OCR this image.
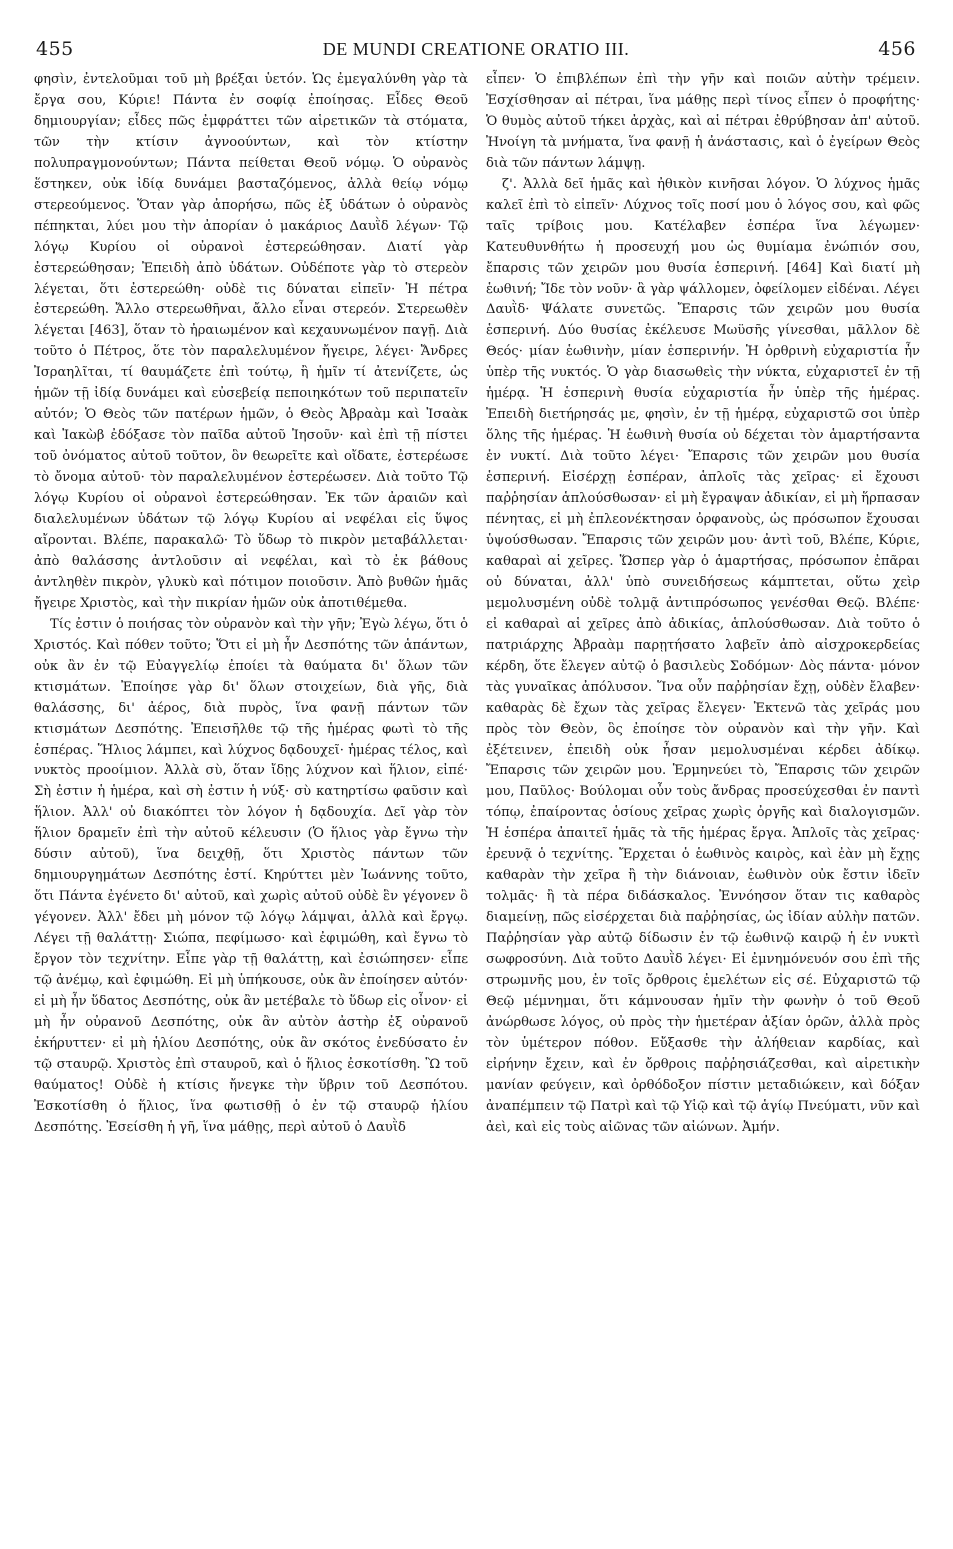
455	DE MUNDI CREATIONE ORATIO III.	456

φησὶν, ἐντελοῦμαι τοῦ μὴ βρέξαι ὑετόν. Ὡς ἐμεγαλύνθη γὰρ τὰ ἔργα σου, Κύριε! Πάντα ἐν σοφίᾳ ἐποίησας. Εἶδες Θεοῦ δημιουργίαν; εἶδες πῶς ἐμφράττει τῶν αἱρετικῶν τὰ στόματα, τῶν τὴν κτίσιν ἀγνοούντων, καὶ τὸν κτίστην πολυπραγμονούντων; Πάντα πείθεται Θεοῦ νόμῳ. Ὁ οὐρανὸς ἕστηκεν, οὐκ ἰδίᾳ δυνάμει βασταζόμενος, ἀλλὰ θείῳ νόμῳ στερεούμενος. Ὅταν γὰρ ἀπορήσω, πῶς ἐξ ὑδάτων ὁ οὐρανὸς πέπηκται, λύει μου τὴν ἀπορίαν ὁ μακάριος Δαυῒδ λέγων· Τῷ λόγῳ Κυρίου οἱ οὐρανοὶ ἐστερεώθησαν. Διατί γὰρ ἐστερεώθησαν; Ἐπειδὴ ἀπὸ ὑδάτων. Οὐδέποτε γὰρ τὸ στερεὸν λέγεται, ὅτι ἐστερεώθη· οὐδὲ τις δύναται εἰπεῖν· Ἡ πέτρα ἐστερεώθη. Ἄλλο στερεωθῆναι, ἄλλο εἶναι στερεόν. Στερεωθὲν λέγεται [463], ὅταν τὸ ἠραιωμένον καὶ κεχαυνωμένον παγῇ. Διὰ τοῦτο ὁ Πέτρος, ὅτε τὸν παραλελυμένον ἤγειρε, λέγει· Ἄνδρες Ἰσραηλῖται, τί θαυμάζετε ἐπὶ τούτῳ, ἢ ἡμῖν τί ἀτενίζετε, ὡς ἡμῶν τῇ ἰδίᾳ δυνάμει καὶ εὐσεβείᾳ πεποιηκότων τοῦ περιπατεῖν αὐτόν; Ὁ Θεὸς τῶν πατέρων ἡμῶν, ὁ Θεὸς Ἀβραὰμ καὶ Ἰσαὰκ καὶ Ἰακὼβ ἐδόξασε τὸν παῖδα αὐτοῦ Ἰησοῦν· καὶ ἐπὶ τῇ πίστει τοῦ ὀνόματος αὐτοῦ τοῦτον, ὃν θεωρεῖτε καὶ οἴδατε, ἐστερέωσε τὸ ὄνομα αὐτοῦ· τὸν παραλελυμένον ἐστερέωσεν. Διὰ τοῦτο Τῷ λόγῳ Κυρίου οἱ οὐρανοὶ ἐστερεώθησαν. Ἐκ τῶν ἀραιῶν καὶ διαλελυμένων ὑδάτων τῷ λόγῳ Κυρίου αἱ νεφέλαι εἰς ὕψος αἴρονται. Βλέπε, παρακαλῶ· Τὸ ὕδωρ τὸ πικρὸν μεταβάλλεται· ἀπὸ θαλάσσης ἀντλοῦσιν αἱ νεφέλαι, καὶ τὸ ἐκ βάθους ἀντληθὲν πικρὸν, γλυκὺ καὶ πότιμον ποιοῦσιν. Ἀπὸ βυθῶν ἡμᾶς ἤγειρε Χριστὸς, καὶ τὴν πικρίαν ἡμῶν οὐκ ἀποτιθέμεθα.

Τίς ἐστιν ὁ ποιήσας τὸν οὐρανὸν καὶ τὴν γῆν; Ἐγὼ λέγω, ὅτι ὁ Χριστός. Καὶ πόθεν τοῦτο; Ὅτι εἰ μὴ ἦν Δεσπότης τῶν ἁπάντων, οὐκ ἂν ἐν τῷ Εὐαγγελίῳ ἐποίει τὰ θαύματα δι' ὅλων τῶν κτισμάτων. Ἐποίησε γὰρ δι' ὅλων στοιχείων, διὰ γῆς, διὰ θαλάσσης, δι' ἀέρος, διὰ πυρὸς, ἵνα φανῇ πάντων τῶν κτισμάτων Δεσπότης. Ἐπεισῆλθε τῷ τῆς ἡμέρας φωτὶ τὸ τῆς ἑσπέρας. Ἥλιος λάμπει, καὶ λύχνος δᾳδουχεῖ· ἡμέρας τέλος, καὶ νυκτὸς προοίμιον. Ἀλλὰ σὺ, ὅταν ἴδῃς λύχνον καὶ ἥλιον, εἰπέ· Σὴ ἐστιν ἡ ἡμέρα, καὶ σὴ ἐστιν ἡ νύξ· σὺ κατηρτίσω φαῦσιν καὶ ἥλιον. Ἀλλ' οὐ διακόπτει τὸν λόγον ἡ δᾳδουχία. Δεῖ γὰρ τὸν ἥλιον δραμεῖν ἐπὶ τὴν αὐτοῦ κέλευσιν (Ὁ ἥλιος γὰρ ἔγνω τὴν δύσιν αὐτοῦ), ἵνα δειχθῇ, ὅτι Χριστὸς πάντων τῶν δημιουργημάτων Δεσπότης ἐστί. Κηρύττει μὲν Ἰωάννης τοῦτο, ὅτι Πάντα ἐγένετο δι' αὐτοῦ, καὶ χωρὶς αὐτοῦ οὐδὲ ἓν γέγονεν ὃ γέγονεν. Ἀλλ' ἔδει μὴ μόνον τῷ λόγῳ λάμψαι, ἀλλὰ καὶ ἔργῳ. Λέγει τῇ θαλάττῃ· Σιώπα, πεφίμωσο· καὶ ἐφιμώθη, καὶ ἔγνω τὸ ἔργον τὸν τεχνίτην. Εἶπε γὰρ τῇ θαλάττῃ, καὶ ἐσιώπησεν· εἶπε τῷ ἀνέμῳ, καὶ ἐφιμώθη. Εἰ μὴ ὑπήκουσε, οὐκ ἂν ἐποίησεν αὐτόν· εἰ μὴ ἦν ὕδατος Δεσπότης, οὐκ ἂν μετέβαλε τὸ ὕδωρ εἰς οἶνον· εἰ μὴ ἦν οὐρανοῦ Δεσπότης, οὐκ ἂν αὐτὸν ἀστὴρ ἐξ οὐρανοῦ ἐκήρυττεν· εἰ μὴ ἡλίου Δεσπότης, οὐκ ἂν σκότος ἐνεδύσατο ἐν τῷ σταυρῷ. Χριστὸς ἐπὶ σταυροῦ, καὶ ὁ ἥλιος ἐσκοτίσθη. Ὢ τοῦ θαύματος! Οὐδὲ ἡ κτίσις ἤνεγκε τὴν ὕβριν τοῦ Δεσπότου. Ἐσκοτίσθη ὁ ἥλιος, ἵνα φωτισθῇ ὁ ἐν τῷ σταυρῷ ἡλίου Δεσπότης. Ἐσείσθη ἡ γῆ, ἵνα μάθῃς, περὶ αὐτοῦ ὁ Δαυῒδ

εἶπεν· Ὁ ἐπιβλέπων ἐπὶ τὴν γῆν καὶ ποιῶν αὐτὴν τρέμειν. Ἐσχίσθησαν αἱ πέτραι, ἵνα μάθῃς περὶ τίνος εἶπεν ὁ προφήτης· Ὁ θυμὸς αὐτοῦ τήκει ἀρχὰς, καὶ αἱ πέτραι ἐθρύβησαν ἀπ' αὐτοῦ. Ἠνοίγη τὰ μνήματα, ἵνα φανῇ ἡ ἀνάστασις, καὶ ὁ ἐγείρων Θεὸς διὰ τῶν πάντων λάμψῃ.

ζ'. Ἀλλὰ δεῖ ἡμᾶς καὶ ἠθικὸν κινῆσαι λόγον. Ὁ λύχνος ἡμᾶς καλεῖ ἐπὶ τὸ εἰπεῖν· Λύχνος τοῖς ποσί μου ὁ λόγος σου, καὶ φῶς ταῖς τρίβοις μου. Κατέλαβεν ἑσπέρα ἵνα λέγωμεν· Κατευθυνθήτω ἡ προσευχή μου ὡς θυμίαμα ἐνώπιόν σου, ἔπαρσις τῶν χειρῶν μου θυσία ἑσπερινή. [464] Καὶ διατί μὴ ἑωθινή; Ἴδε τὸν νοῦν· ἃ γὰρ ψάλλομεν, ὀφείλομεν εἰδέναι. Λέγει Δαυῒδ· Ψάλατε συνετῶς. Ἔπαρσις τῶν χειρῶν μου θυσία ἑσπερινή. Δύο θυσίας ἐκέλευσε Μωϋσῆς γίνεσθαι, μᾶλλον δὲ Θεός· μίαν ἑωθινὴν, μίαν ἑσπερινήν. Ἡ ὀρθρινὴ εὐχαριστία ἦν ὑπὲρ τῆς νυκτός. Ὁ γὰρ διασωθεὶς τὴν νύκτα, εὐχαριστεῖ ἐν τῇ ἡμέρᾳ. Ἡ ἑσπερινὴ θυσία εὐχαριστία ἦν ὑπὲρ τῆς ἡμέρας. Ἐπειδὴ διετήρησάς με, φησὶν, ἐν τῇ ἡμέρᾳ, εὐχαριστῶ σοι ὑπὲρ ὅλης τῆς ἡμέρας. Ἡ ἑωθινὴ θυσία οὐ δέχεται τὸν ἁμαρτήσαντα ἐν νυκτί. Διὰ τοῦτο λέγει· Ἔπαρσις τῶν χειρῶν μου θυσία ἑσπερινή. Εἰσέρχῃ ἑσπέραν, ἁπλοῖς τὰς χεῖρας· εἰ ἔχουσι παῤῥησίαν ἁπλούσθωσαν· εἰ μὴ ἔγραψαν ἀδικίαν, εἰ μὴ ἥρπασαν πένητας, εἰ μὴ ἐπλεονέκτησαν ὀρφανοὺς, ὡς πρόσωπον ἔχουσαι ὑψούσθωσαν. Ἔπαρσις τῶν χειρῶν μου· ἀντὶ τοῦ, Βλέπε, Κύριε, καθαραὶ αἱ χεῖρες. Ὥσπερ γὰρ ὁ ἁμαρτήσας, πρόσωπον ἐπᾶραι οὐ δύναται, ἀλλ' ὑπὸ συνειδήσεως κάμπτεται, οὕτω χεὶρ μεμολυσμένη οὐδὲ τολμᾷ ἀντιπρόσωπος γενέσθαι Θεῷ. Βλέπε· εἰ καθαραὶ αἱ χεῖρες ἀπὸ ἀδικίας, ἁπλούσθωσαν. Διὰ τοῦτο ὁ πατριάρχης Ἀβραὰμ παρῃτήσατο λαβεῖν ἀπὸ αἰσχροκερδείας κέρδη, ὅτε ἔλεγεν αὐτῷ ὁ βασιλεὺς Σοδόμων· Δὸς πάντα· μόνον τὰς γυναῖκας ἀπόλυσον. Ἵνα οὖν παῤῥησίαν ἔχῃ, οὐδὲν ἔλαβεν· καθαρὰς δὲ ἔχων τὰς χεῖρας ἔλεγεν· Ἐκτενῶ τὰς χεῖράς μου πρὸς τὸν Θεὸν, ὃς ἐποίησε τὸν οὐρανὸν καὶ τὴν γῆν. Καὶ ἐξέτεινεν, ἐπειδὴ οὐκ ἦσαν μεμολυσμέναι κέρδει ἀδίκῳ. Ἔπαρσις τῶν χειρῶν μου. Ἑρμηνεύει τὸ, Ἔπαρσις τῶν χειρῶν μου, Παῦλος· Βούλομαι οὖν τοὺς ἄνδρας προσεύχεσθαι ἐν παντὶ τόπῳ, ἐπαίροντας ὁσίους χεῖρας χωρὶς ὀργῆς καὶ διαλογισμῶν. Ἡ ἑσπέρα ἀπαιτεῖ ἡμᾶς τὰ τῆς ἡμέρας ἔργα. Ἁπλοῖς τὰς χεῖρας· ἐρευνᾷ ὁ τεχνίτης. Ἔρχεται ὁ ἑωθινὸς καιρὸς, καὶ ἐὰν μὴ ἔχῃς καθαρὰν τὴν χεῖρα ἢ τὴν διάνοιαν, ἑωθινὸν οὐκ ἔστιν ἰδεῖν τολμᾶς· ἢ τὰ πέρα διδάσκαλος. Ἐννόησον ὅταν τις καθαρὸς διαμείνῃ, πῶς εἰσέρχεται διὰ παῤῥησίας, ὡς ἰδίαν αὐλὴν πατῶν. Παῤῥησίαν γὰρ αὐτῷ δίδωσιν ἐν τῷ ἑωθινῷ καιρῷ ἡ ἐν νυκτὶ σωφροσύνη. Διὰ τοῦτο Δαυῒδ λέγει· Εἰ ἐμνημόνευόν σου ἐπὶ τῆς στρωμνῆς μου, ἐν τοῖς ὄρθροις ἐμελέτων εἰς σέ. Εὐχαριστῶ τῷ Θεῷ μέμνημαι, ὅτι κάμνουσαν ἡμῖν τὴν φωνὴν ὁ τοῦ Θεοῦ ἀνώρθωσε λόγος, οὐ πρὸς τὴν ἡμετέραν ἀξίαν ὁρῶν, ἀλλὰ πρὸς τὸν ὑμέτερον πόθον. Εὔξασθε τὴν ἀλήθειαν καρδίας, καὶ εἰρήνην ἔχειν, καὶ ἐν ὄρθροις παῤῥησιάζεσθαι, καὶ αἱρετικὴν μανίαν φεύγειν, καὶ ὀρθόδοξον πίστιν μεταδιώκειν, καὶ δόξαν ἀναπέμπειν τῷ Πατρὶ καὶ τῷ Υἱῷ καὶ τῷ ἁγίῳ Πνεύματι, νῦν καὶ ἀεὶ, καὶ εἰς τοὺς αἰῶνας τῶν αἰώνων. Ἀμήν.
